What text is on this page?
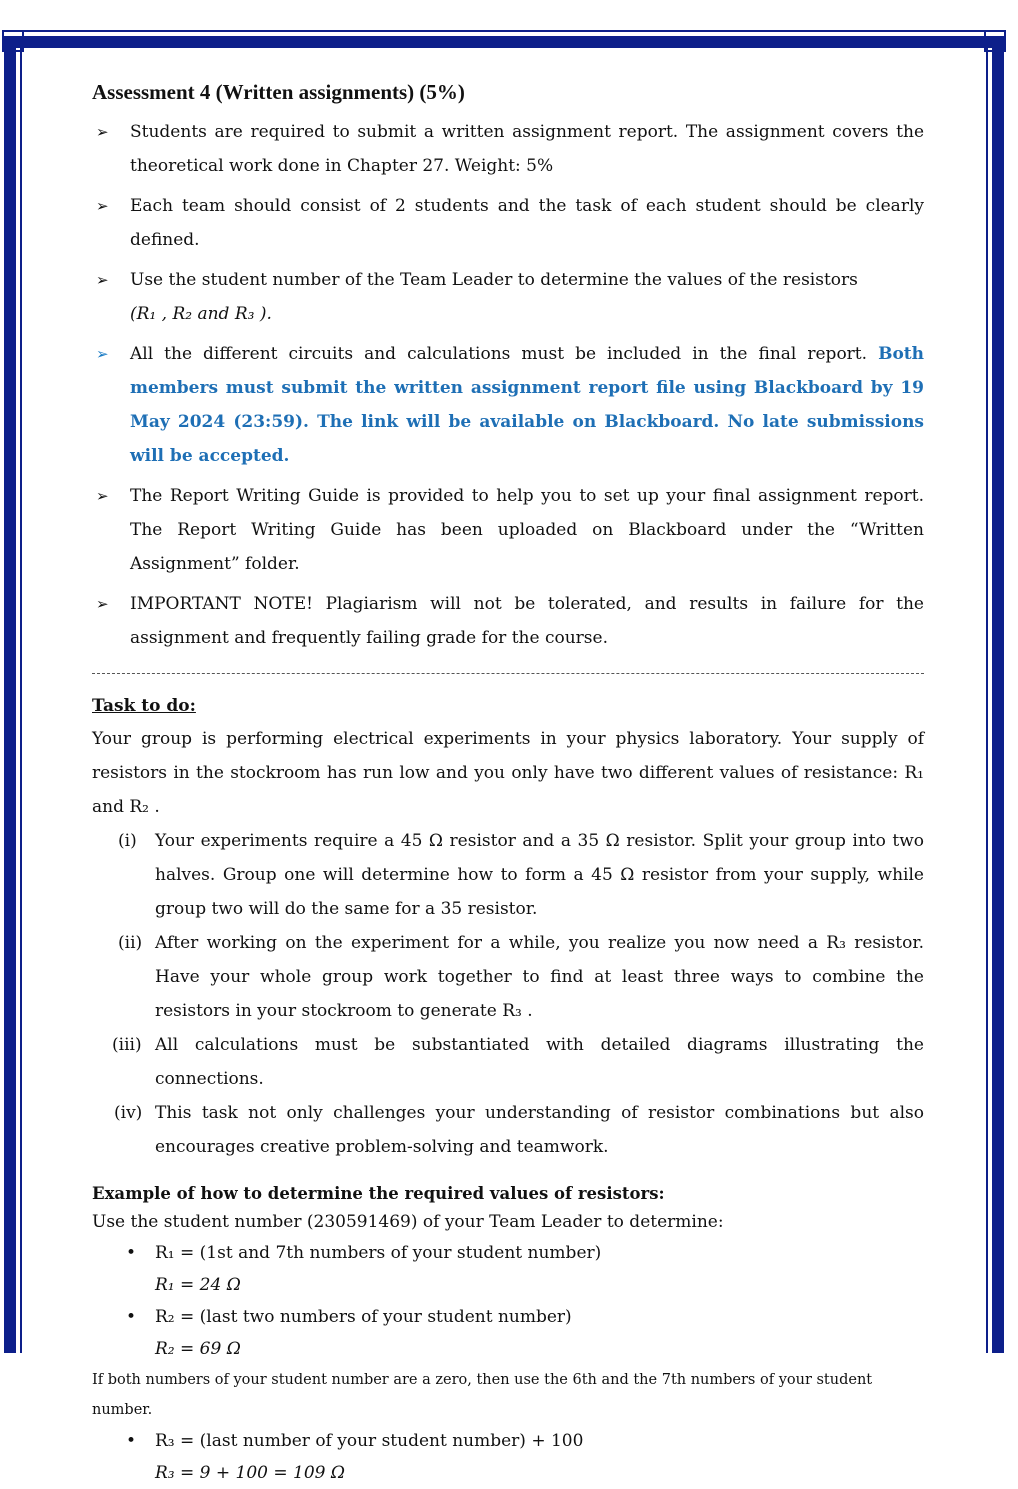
Assessment 4 (Written assignments) (5%)
➢ Students are required to submit a written assignment report. The assignment covers the theoretical work done in Chapter 27. Weight: 5%
➢ Each team should consist of 2 students and the task of each student should be clearly defined.
➢ Use the student number of the Team Leader to determine the values of the resistors
(R₁ , R₂ and R₃ ).
➢ All the different circuits and calculations must be included in the final report. Both members must submit the written assignment report file using Blackboard by 19 May 2024 (23:59). The link will be available on Blackboard. No late submissions will be accepted.
➢ The Report Writing Guide is provided to help you to set up your final assignment report. The Report Writing Guide has been uploaded on Blackboard under the “Written Assignment” folder.
➢ IMPORTANT NOTE! Plagiarism will not be tolerated, and results in failure for the assignment and frequently failing grade for the course.
Task to do:

Your group is performing electrical experiments in your physics laboratory. Your supply of resistors in the stockroom has run low and you only have two different values of resistance: R₁ and R₂ .

(i) Your experiments require a 45 Ω resistor and a 35 Ω resistor. Split your group into two halves. Group one will determine how to form a 45 Ω resistor from your supply, while group two will do the same for a 35 resistor.
(ii) After working on the experiment for a while, you realize you now need a R₃ resistor. Have your whole group work together to find at least three ways to combine the resistors in your stockroom to generate R₃ .
(iii) All calculations must be substantiated with detailed diagrams illustrating the connections.
(iv) This task not only challenges your understanding of resistor combinations but also encourages creative problem-solving and teamwork.
Example of how to determine the required values of resistors:

Use the student number (230591469) of your Team Leader to determine:

• R₁ = (1st and 7th numbers of your student number)
R₁ = 24 Ω
• R₂ = (last two numbers of your student number)
R₂ = 69 Ω

If both numbers of your student number are a zero, then use the 6th and the 7th numbers of your student number.

• R₃ = (last number of your student number) + 100
R₃ = 9 + 100 = 109 Ω
